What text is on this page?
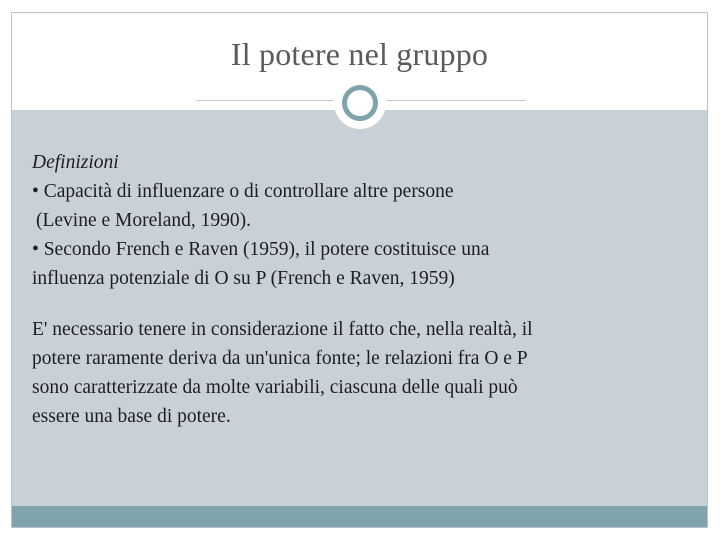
Il potere nel gruppo
Definizioni
• Capacità di influenzare o di controllare altre persone
(Levine e Moreland, 1990).
• Secondo French e Raven (1959), il potere costituisce una
influenza potenziale di O su P (French e Raven, 1959)
E' necessario tenere in considerazione il fatto che, nella realtà, il
potere raramente deriva da un'unica fonte; le relazioni fra O e P
sono caratterizzate da molte variabili, ciascuna delle quali può
essere una base di potere.
